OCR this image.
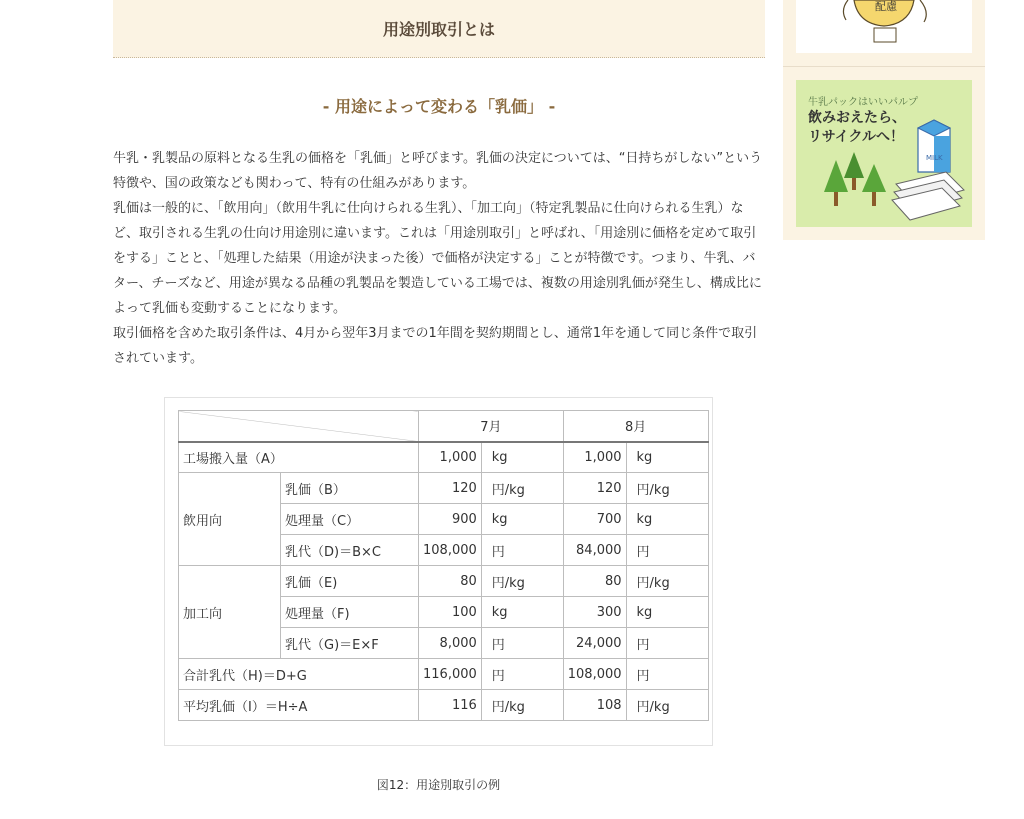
用途別取引とは
- 用途によって変わる「乳価」 -

牛乳・乳製品の原料となる生乳の価格を「乳価」と呼びます。乳価の決定については、“日持ちがしない”という特徴や、国の政策なども関わって、特有の仕組みがあります。

乳価は一般的に、「飲用向」（飲用牛乳に仕向けられる生乳）、「加工向」（特定乳製品に仕向けられる生乳）など、取引される生乳の仕向け用途別に違います。これは「用途別取引」と呼ばれ、「用途別に価格を定めて取引をする」ことと、「処理した結果（用途が決まった後）で価格が決定する」ことが特徴です。つまり、牛乳、バター、チーズなど、用途が異なる品種の乳製品を製造している工場では、複数の用途別乳価が発生し、構成比によって乳価も変動することになります。

取引価格を含めた取引条件は、4月から翌年3月までの1年間を契約期間とし、通常1年を通して同じ条件で取引されています。

		7月		8月	
工場搬入量（A）		1,000	kg	1,000	kg
飲用向	乳価（B）	120	円/kg	120	円/kg
	処理量（C）	900	kg	700	kg
	乳代（D)＝B×C	108,000	円	84,000	円
加工向	乳価（E)	80	円/kg	80	円/kg
	処理量（F)	100	kg	300	kg
	乳代（G)＝E×F	8,000	円	24,000	円
合計乳代（H)＝D+G		116,000	円	108,000	円
平均乳価（I）＝H÷A		116	円/kg	108	円/kg
図12：用途別取引の例
配慮
牛乳パックはいいパルプ
飲みおえたら、
リサイクルへ！
MILK
